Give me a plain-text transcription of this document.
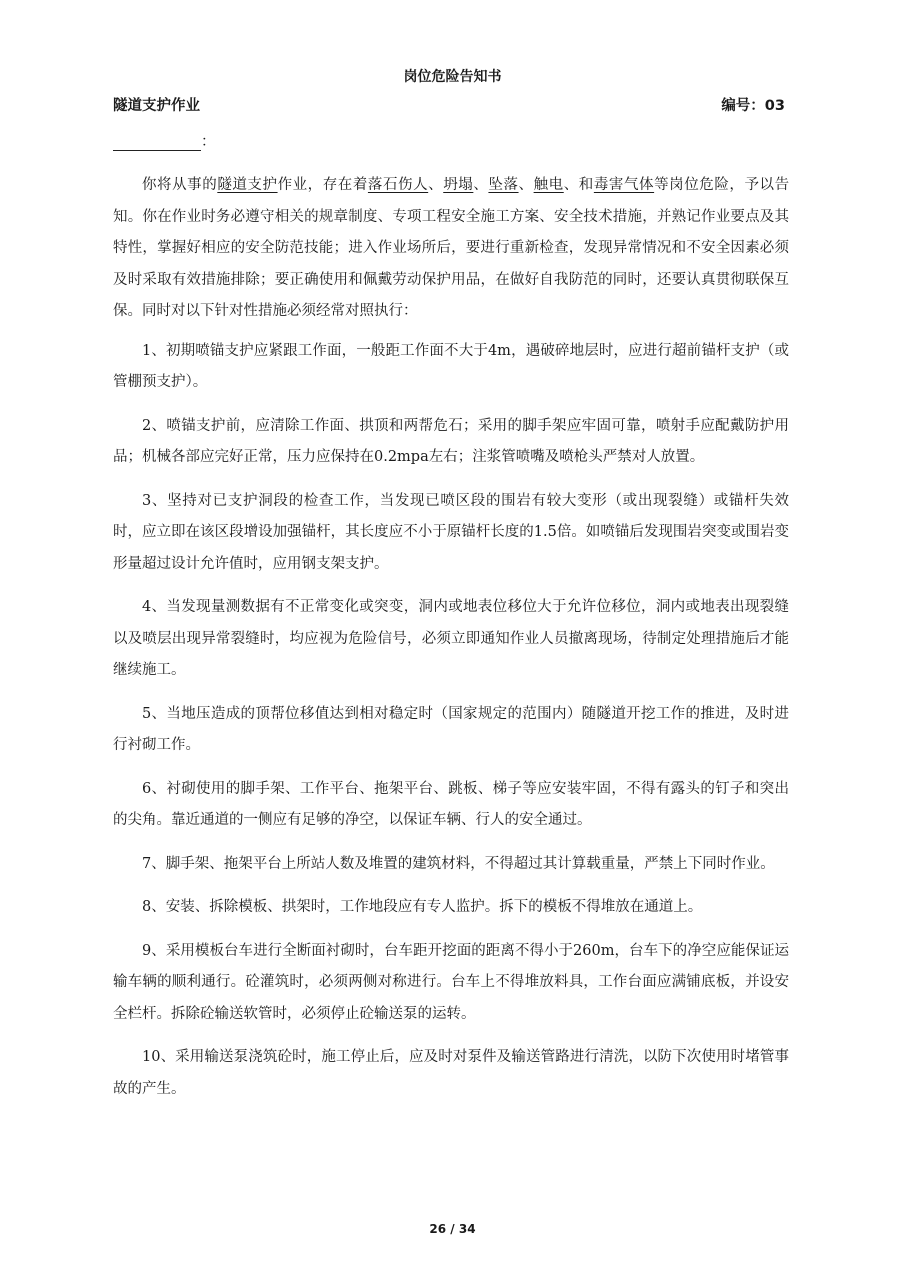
岗位危险告知书
隧道支护作业	编号：03
：

你将从事的隧道支护作业，存在着落石伤人、坍塌、坠落、触电、和毒害气体等岗位危险，予以告知。你在作业时务必遵守相关的规章制度、专项工程安全施工方案、安全技术措施，并熟记作业要点及其特性，掌握好相应的安全防范技能；进入作业场所后，要进行重新检查，发现异常情况和不安全因素必须及时采取有效措施排除；要正确使用和佩戴劳动保护用品，在做好自我防范的同时，还要认真贯彻联保互保。同时对以下针对性措施必须经常对照执行：

1、初期喷锚支护应紧跟工作面，一般距工作面不大于4m，遇破碎地层时，应进行超前锚杆支护（或管棚预支护）。

2、喷锚支护前，应清除工作面、拱顶和两帮危石；采用的脚手架应牢固可靠，喷射手应配戴防护用品；机械各部应完好正常，压力应保持在0.2mpa左右；注浆管喷嘴及喷枪头严禁对人放置。

3、坚持对已支护洞段的检查工作，当发现已喷区段的围岩有较大变形（或出现裂缝）或锚杆失效时，应立即在该区段增设加强锚杆，其长度应不小于原锚杆长度的1.5倍。如喷锚后发现围岩突变或围岩变形量超过设计允许值时，应用钢支架支护。

4、当发现量测数据有不正常变化或突变，洞内或地表位移位大于允许位移位，洞内或地表出现裂缝以及喷层出现异常裂缝时，均应视为危险信号，必须立即通知作业人员撤离现场，待制定处理措施后才能继续施工。

5、当地压造成的顶帮位移值达到相对稳定时（国家规定的范围内）随隧道开挖工作的推进，及时进行衬砌工作。

6、衬砌使用的脚手架、工作平台、拖架平台、跳板、梯子等应安装牢固，不得有露头的钉子和突出的尖角。靠近通道的一侧应有足够的净空，以保证车辆、行人的安全通过。

7、脚手架、拖架平台上所站人数及堆置的建筑材料，不得超过其计算载重量，严禁上下同时作业。

8、安装、拆除模板、拱架时，工作地段应有专人监护。拆下的模板不得堆放在通道上。

9、采用模板台车进行全断面衬砌时，台车距开挖面的距离不得小于260m，台车下的净空应能保证运输车辆的顺利通行。砼灌筑时，必须两侧对称进行。台车上不得堆放料具，工作台面应满铺底板，并设安全栏杆。拆除砼输送软管时，必须停止砼输送泵的运转。

10、采用输送泵浇筑砼时，施工停止后，应及时对泵件及输送管路进行清洗，以防下次使用时堵管事故的产生。

26 / 34
